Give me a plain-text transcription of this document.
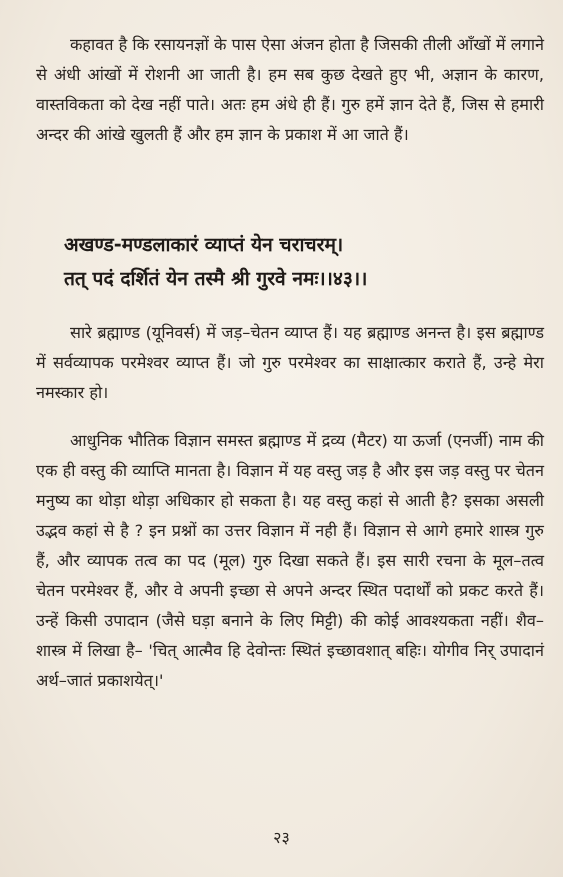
कहावत है कि रसायनज्ञों के पास ऐसा अंजन होता है जिसकी तीली आँखों में लगाने से अंधी आंखों में रोशनी आ जाती है। हम सब कुछ देखते हुए भी, अज्ञान के कारण, वास्तविकता को देख नहीं पाते। अतः हम अंधे ही हैं। गुरु हमें ज्ञान देते हैं, जिस से हमारी अन्दर की आंखे खुलती हैं और हम ज्ञान के प्रकाश में आ जाते हैं।

अखण्ड-मण्डलाकारं व्याप्तं येन चराचरम्।
तत् पदं दर्शितं येन तस्मै श्री गुरवे नमः।।४३।।

सारे ब्रह्माण्ड (यूनिवर्स) में जड़–चेतन व्याप्त हैं। यह ब्रह्माण्ड अनन्त है। इस ब्रह्माण्ड में सर्वव्यापक परमेश्वर व्याप्त हैं। जो गुरु परमेश्वर का साक्षात्कार कराते हैं, उन्हे मेरा नमस्कार हो।

आधुनिक भौतिक विज्ञान समस्त ब्रह्माण्ड में द्रव्य (मैटर) या ऊर्जा (एनर्जी) नाम की एक ही वस्तु की व्याप्ति मानता है। विज्ञान में यह वस्तु जड़ है और इस जड़ वस्तु पर चेतन मनुष्य का थोड़ा थोड़ा अधिकार हो सकता है। यह वस्तु कहां से आती है? इसका असली उद्भव कहां से है ? इन प्रश्नों का उत्तर विज्ञान में नही हैं। विज्ञान से आगे हमारे शास्त्र गुरु हैं, और व्यापक तत्व का पद (मूल) गुरु दिखा सकते हैं। इस सारी रचना के मूल–तत्व चेतन परमेश्वर हैं, और वे अपनी इच्छा से अपने अन्दर स्थित पदार्थों को प्रकट करते हैं। उन्हें किसी उपादान (जैसे घड़ा बनाने के लिए मिट्टी) की कोई आवश्यकता नहीं। शैव–शास्त्र में लिखा है– 'चित् आत्मैव हि देवोन्तः स्थितं इच्छावशात् बहिः। योगीव निर् उपादानं अर्थ–जातं प्रकाशयेत्।'

२३
